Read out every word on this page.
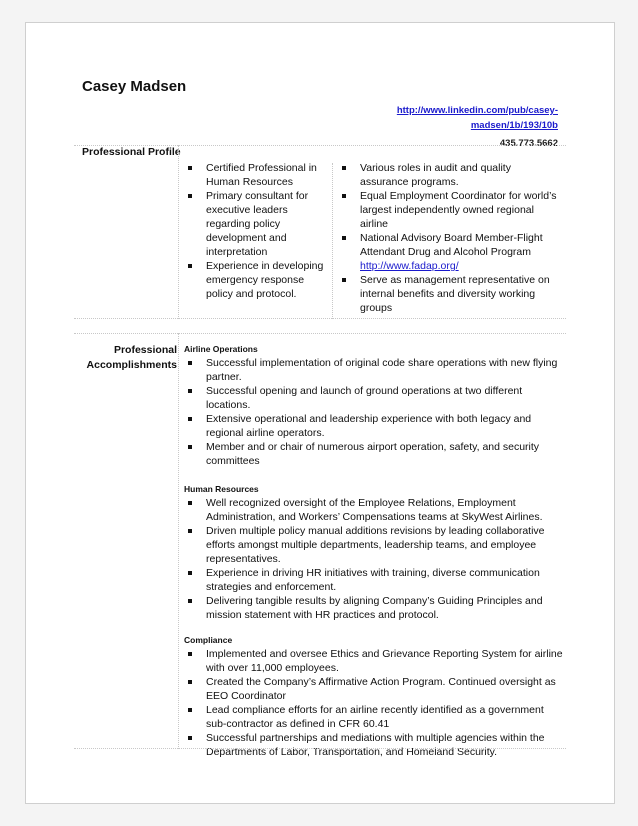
Casey Madsen
http://www.linkedin.com/pub/casey-
madsen/1b/193/10b
435.773.5662
Professional Profile
Certified Professional in Human Resources
Primary consultant for executive leaders regarding policy development and interpretation
Experience in developing emergency response policy and protocol.
Various roles in audit and quality assurance programs.
Equal Employment Coordinator for world’s largest independently owned regional airline
National Advisory Board Member-Flight Attendant Drug and Alcohol Program
http://www.fadap.org/
Serve as management representative on internal benefits and diversity working groups
Professional
Accomplishments
Airline Operations
Successful implementation of original code share operations with new flying partner.
Successful opening and launch of ground operations at two different locations.
Extensive operational and leadership experience with both legacy and regional airline operators.
Member and or chair of numerous airport operation, safety, and security committees
Human Resources
Well recognized oversight of the Employee Relations, Employment Administration, and Workers’ Compensations teams at SkyWest Airlines.
Driven multiple policy manual additions revisions by leading collaborative efforts amongst multiple departments, leadership teams, and employee representatives.
Experience in driving HR initiatives with training, diverse communication strategies and enforcement.
Delivering tangible results by aligning Company’s Guiding Principles and mission statement with HR practices and protocol.
Compliance
Implemented and oversee Ethics and Grievance Reporting System for airline with over 11,000 employees.
Created the Company’s Affirmative Action Program. Continued oversight as EEO Coordinator
Lead compliance efforts for an airline recently identified as a government sub-contractor as defined in CFR 60.41
Successful partnerships and mediations with multiple agencies within the Departments of Labor, Transportation, and Homeland Security.
